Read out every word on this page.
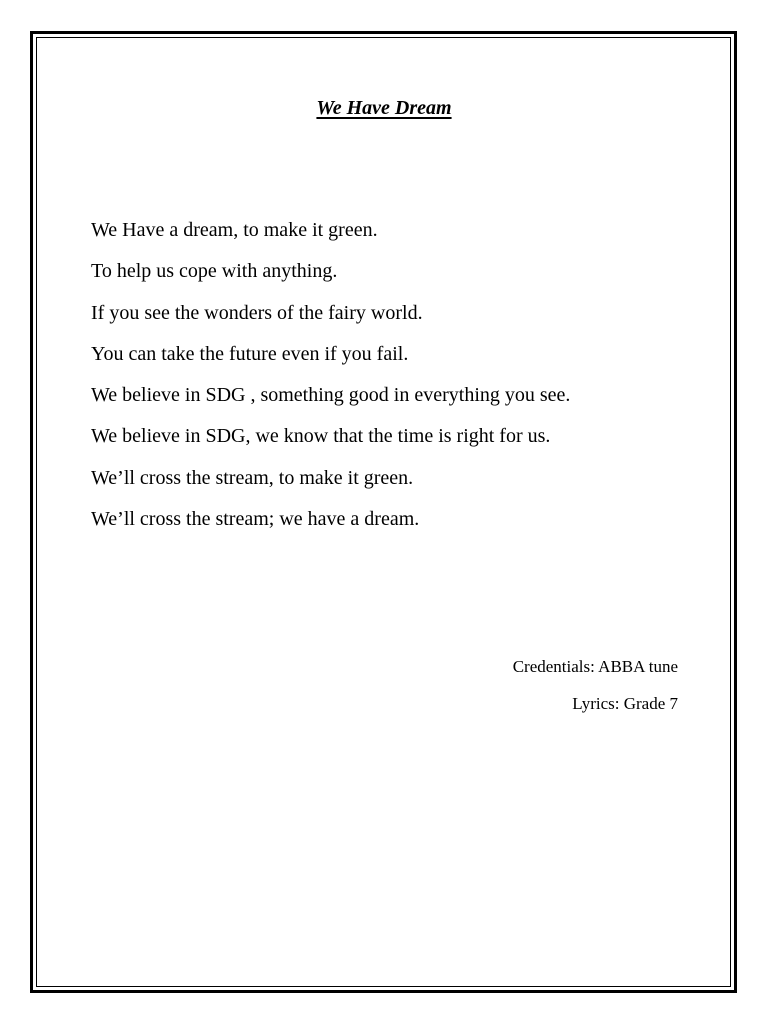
We Have Dream
We Have a dream, to make it green.
To help us cope with anything.
If you see the wonders of the fairy world.
You can take the future even if you fail.
We believe in SDG , something good in everything you see.
We believe in SDG, we know that the time is right for us.
We’ll cross the stream, to make it green.
We’ll cross the stream; we have a dream.
Credentials: ABBA tune
Lyrics: Grade 7
